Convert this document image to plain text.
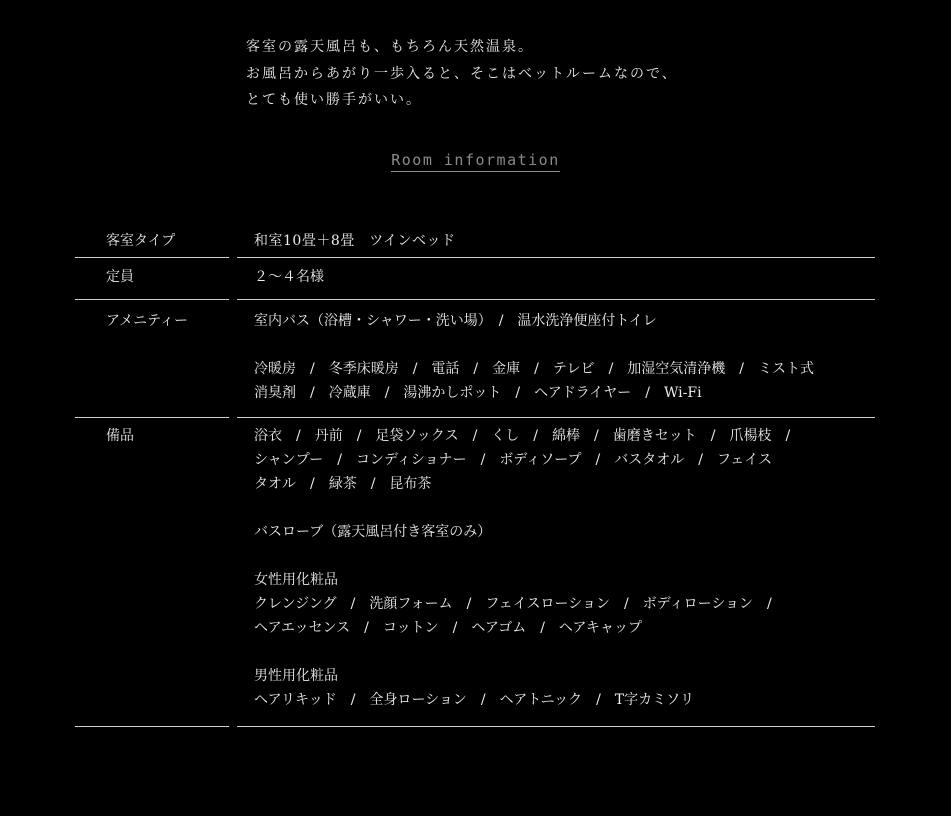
客室の露天風呂も、もちろん天然温泉。
お風呂からあがり一歩入ると、そこはベットルームなので、
とても使い勝手がいい。
Room information
客室タイプ	和室10畳＋8畳　ツインベッド
定員	２〜４名様
アメニティー	室内バス（浴槽・シャワー・洗い場）　/　温水洗浄便座付トイレ
冷暖房　/　冬季床暖房　/　電話　/　金庫　/　テレビ　/　加湿空気清浄機　/　ミスト式
消臭剤　/　冷蔵庫　/　湯沸かしポット　/　ヘアドライヤー　/　Wi-Fi
備品	浴衣　/　丹前　/　足袋ソックス　/　くし　/　綿棒　/　歯磨きセット　/　爪楊枝　/
シャンプー　/　コンディショナー　/　ボディソープ　/　バスタオル　/　フェイス
タオル　/　緑茶　/　昆布茶
バスローブ（露天風呂付き客室のみ）
女性用化粧品
クレンジング　/　洗顔フォーム　/　フェイスローション　/　ボディローション　/
ヘアエッセンス　/　コットン　/　ヘアゴム　/　ヘアキャップ
男性用化粧品
ヘアリキッド　/　全身ローション　/　ヘアトニック　/　T字カミソリ
